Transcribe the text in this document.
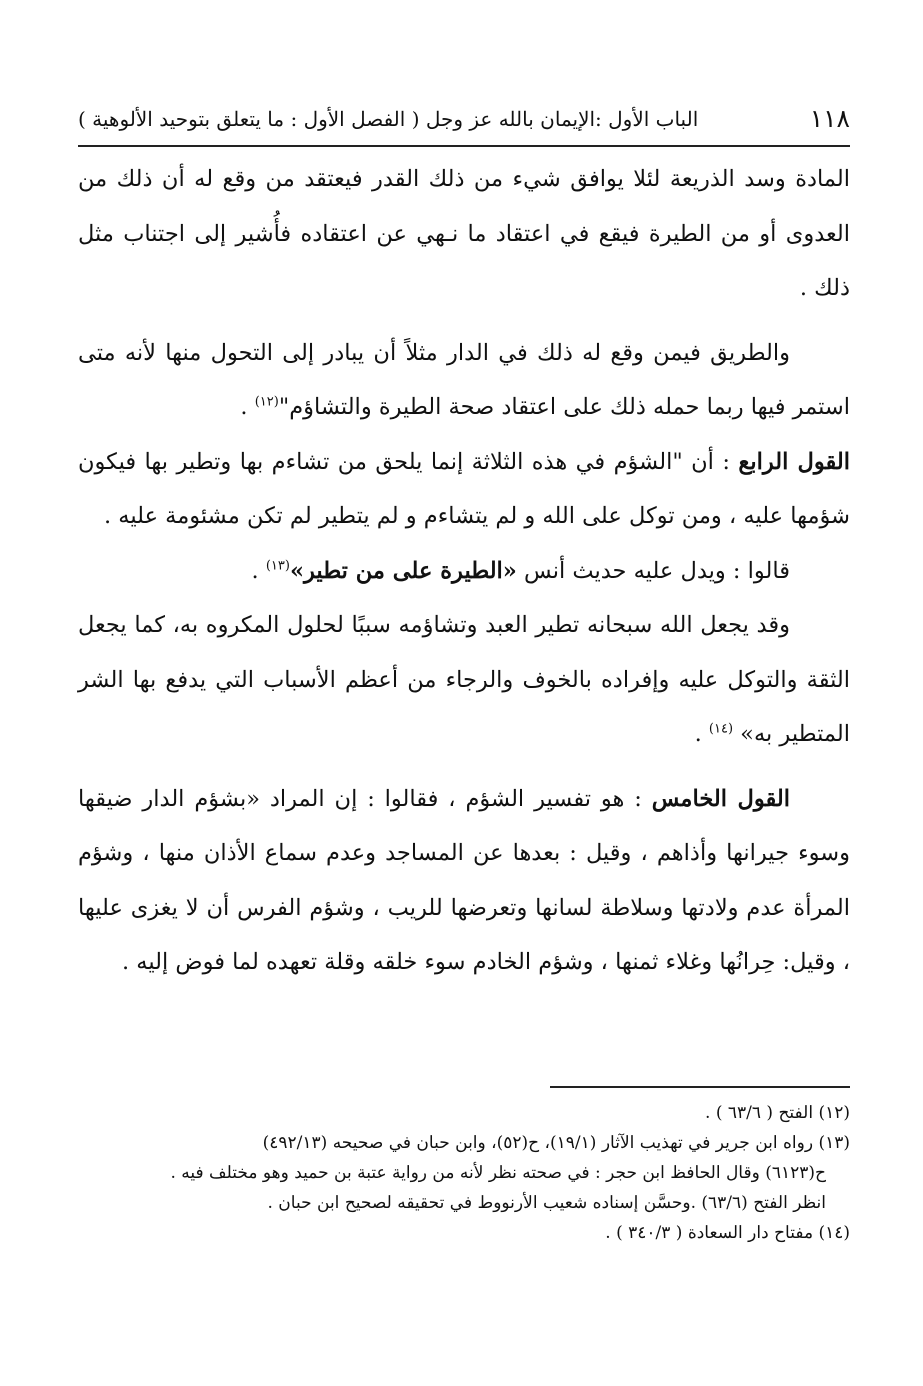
١١٨
الباب الأول :الإيمان بالله عز وجل ( الفصل الأول : ما يتعلق بتوحيد الألوهية )

المادة وسد الذريعة لئلا يوافق شيء من ذلك القدر فيعتقد من وقع له أن ذلك من العدوى أو من الطيرة فيقع في اعتقاد ما نـهي عن اعتقاده فأُشير إلى اجتناب مثل ذلك .

والطريق فيمن وقع له ذلك في الدار مثلاً أن يبادر إلى التحول منها لأنه متى استمر فيها ربما حمله ذلك على اعتقاد صحة الطيرة والتشاؤم"$^{(١٢)}$ .

القول الرابع : أن "الشؤم في هذه الثلاثة إنما يلحق من تشاءم بها وتطير بها فيكون شؤمها عليه ، ومن توكل على الله و لم يتشاءم و لم يتطير لم تكن مشئومة عليه .

قالوا : ويدل عليه حديث أنس «الطيرة على من تطير»$^{(١٣)}$ .

وقد يجعل الله سبحانه تطير العبد وتشاؤمه سببًا لحلول المكروه به، كما يجعل الثقة والتوكل عليه وإفراده بالخوف والرجاء من أعظم الأسباب التي يدفع بها الشر المتطير به» $^{(١٤)}$ .

القول الخامس : هو تفسير الشؤم ، فقالوا : إن المراد «بشؤم الدار ضيقها وسوء جيرانها وأذاهم ، وقيل : بعدها عن المساجد وعدم سماع الأذان منها ، وشؤم المرأة عدم ولادتها وسلاطة لسانها وتعرضها للريب ، وشؤم الفرس أن لا يغزى عليها ، وقيل: حِرانُها وغلاء ثمنها ، وشؤم الخادم سوء خلقه وقلة تعهده لما فوض إليه .

(١٢) الفتح ( ٦٣/٦ ) .

(١٣) رواه ابن جرير في تهذيب الآثار (١٩/١)، ح(٥٢)، وابن حبان في صحيحه (٤٩٢/١٣)

ح(٦١٢٣) وقال الحافظ ابن حجر : في صحته نظر لأنه من رواية عتبة بن حميد وهو مختلف فيه .

انظر الفتح (٦٣/٦) .وحسَّن إسناده شعيب الأرنووط في تحقيقه لصحيح ابن حبان .

(١٤) مفتاح دار السعادة ( ٣٤٠/٣ ) .
